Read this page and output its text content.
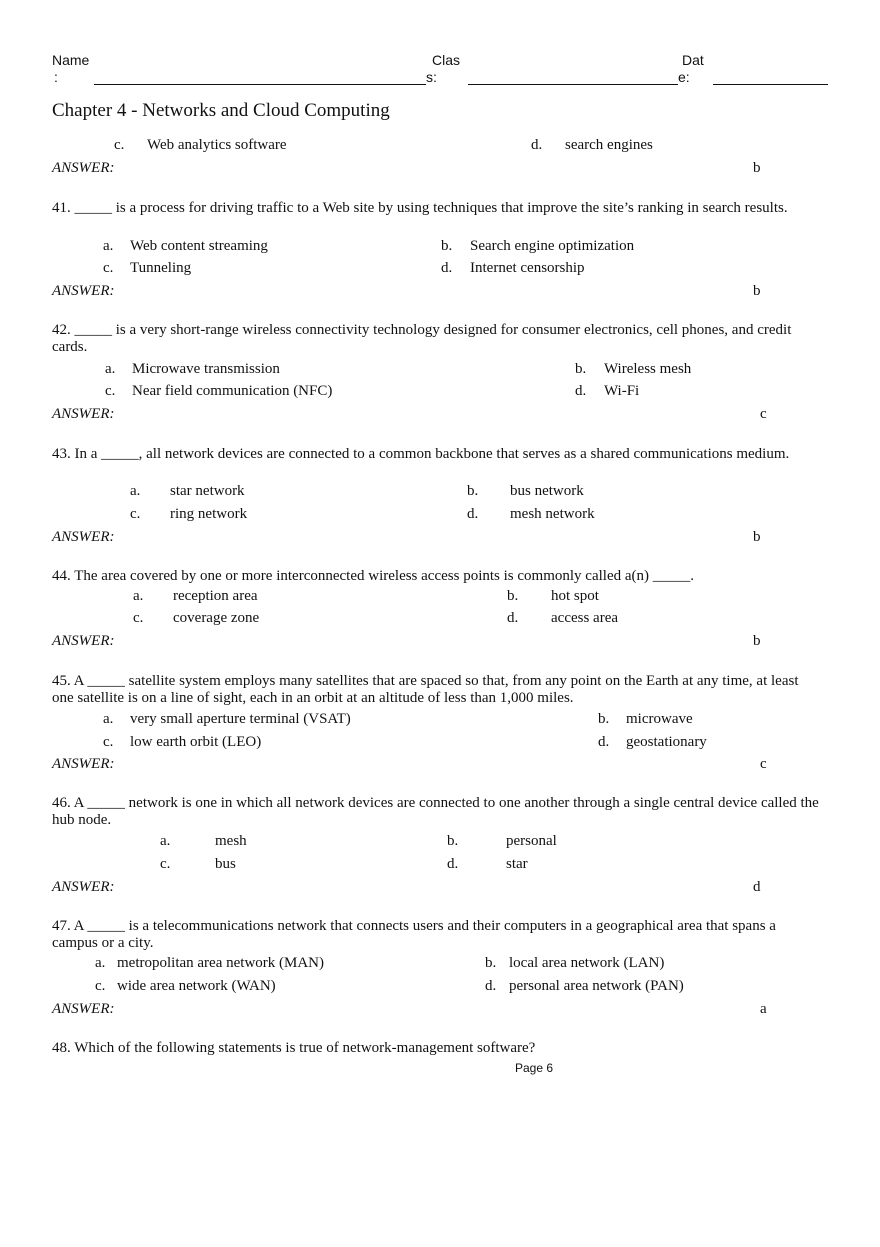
Name
:
Clas
s:
Dat
e:
Chapter 4 - Networks and Cloud Computing
c. Web analytics software	d. search engines
ANSWER:	b
41. _____ is a process for driving traffic to a Web site by using techniques that improve the site’s ranking in search results.
a. Web content streaming	b. Search engine optimization
c. Tunneling	d. Internet censorship
ANSWER:	b
42. _____ is a very short-range wireless connectivity technology designed for consumer electronics, cell phones, and credit cards.
a. Microwave transmission	b. Wireless mesh
c. Near field communication (NFC)	d. Wi-Fi
ANSWER:	c
43. In a _____, all network devices are connected to a common backbone that serves as a shared communications medium.
a. star network	b. bus network
c. ring network	d. mesh network
ANSWER:	b
44. The area covered by one or more interconnected wireless access points is commonly called a(n) _____.
a. reception area	b. hot spot
c. coverage zone	d. access area
ANSWER:	b
45. A _____ satellite system employs many satellites that are spaced so that, from any point on the Earth at any time, at least one satellite is on a line of sight, each in an orbit at an altitude of less than 1,000 miles.
a. very small aperture terminal (VSAT)	b. microwave
c. low earth orbit (LEO)	d. geostationary
ANSWER:	c
46. A _____ network is one in which all network devices are connected to one another through a single central device called the hub node.
a.	mesh	b.	personal
c.	bus	d.	star
ANSWER:	d
47. A _____ is a telecommunications network that connects users and their computers in a geographical area that spans a campus or a city.
a. metropolitan area network (MAN)	b. local area network (LAN)
c. wide area network (WAN)	d. personal area network (PAN)
ANSWER:	a
48. Which of the following statements is true of network-management software?
Page 6
